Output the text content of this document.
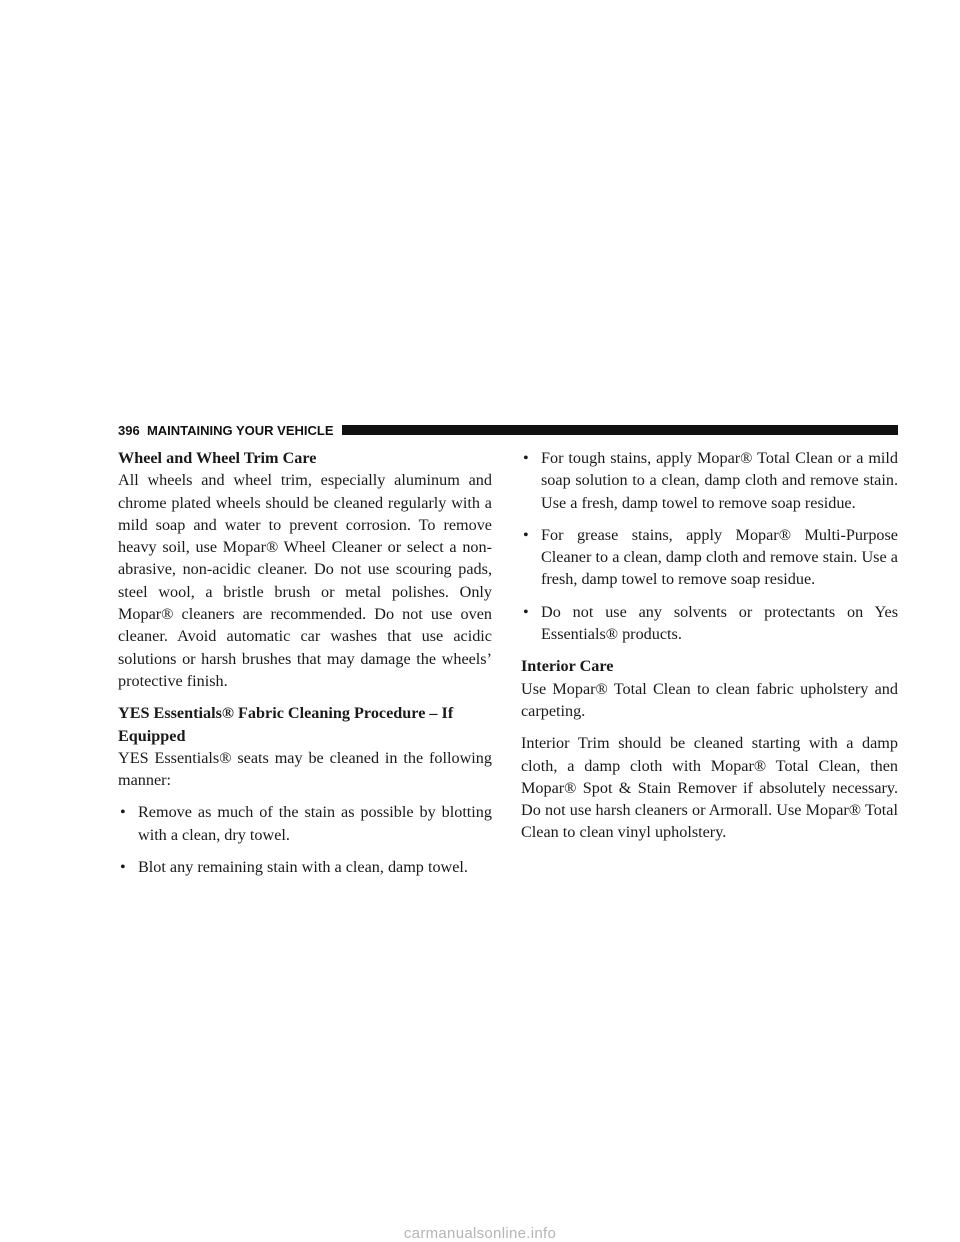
396 MAINTAINING YOUR VEHICLE

Wheel and Wheel Trim Care

All wheels and wheel trim, especially aluminum and chrome plated wheels should be cleaned regularly with a mild soap and water to prevent corrosion. To remove heavy soil, use Mopar® Wheel Cleaner or select a non-abrasive, non-acidic cleaner. Do not use scouring pads, steel wool, a bristle brush or metal polishes. Only Mopar® cleaners are recommended. Do not use oven cleaner. Avoid automatic car washes that use acidic solutions or harsh brushes that may damage the wheels’ protective finish.

YES Essentials® Fabric Cleaning Procedure – If Equipped

YES Essentials® seats may be cleaned in the following manner:

• Remove as much of the stain as possible by blotting with a clean, dry towel.
• Blot any remaining stain with a clean, damp towel.
• For tough stains, apply Mopar® Total Clean or a mild soap solution to a clean, damp cloth and remove stain. Use a fresh, damp towel to remove soap residue.
• For grease stains, apply Mopar® Multi-Purpose Cleaner to a clean, damp cloth and remove stain. Use a fresh, damp towel to remove soap residue.
• Do not use any solvents or protectants on Yes Essentials® products.

Interior Care

Use Mopar® Total Clean to clean fabric upholstery and carpeting.

Interior Trim should be cleaned starting with a damp cloth, a damp cloth with Mopar® Total Clean, then Mopar® Spot & Stain Remover if absolutely necessary. Do not use harsh cleaners or Armorall. Use Mopar® Total Clean to clean vinyl upholstery.

carmanualsonline.info
